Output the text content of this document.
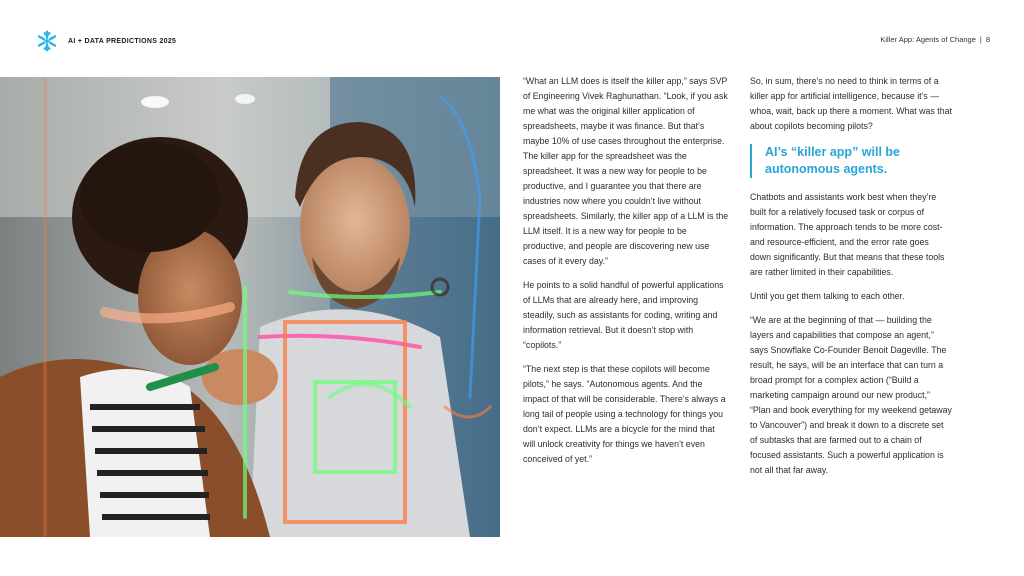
AI + DATA PREDICTIONS 2025	Killer App: Agents of Change | 8

“What an LLM does is itself the killer app,” says SVP of Engineering Vivek Raghunathan. “Look, if you ask me what was the original killer application of spreadsheets, maybe it was finance. But that’s maybe 10% of use cases throughout the enterprise. The killer app for the spreadsheet was the spreadsheet. It was a new way for people to be productive, and I guarantee you that there are industries now where you couldn’t live without spreadsheets. Similarly, the killer app of a LLM is the LLM itself. It is a new way for people to be productive, and people are discovering new use cases of it every day.”

He points to a solid handful of powerful applications of LLMs that are already here, and improving steadily, such as assistants for coding, writing and information retrieval. But it doesn’t stop with “copilots.”

“The next step is that these copilots will become pilots,” he says. “Autonomous agents. And the impact of that will be considerable. There’s always a long tail of people using a technology for things you don’t expect. LLMs are a bicycle for the mind that will unlock creativity for things we haven’t even conceived of yet.”

So, in sum, there’s no need to think in terms of a killer app for artificial intelligence, because it’s — whoa, wait, back up there a moment. What was that about copilots becoming pilots?

AI’s “killer app” will be autonomous agents.

Chatbots and assistants work best when they’re built for a relatively focused task or corpus of information. The approach tends to be more cost- and resource-efficient, and the error rate goes down significantly. But that means that these tools are rather limited in their capabilities.

Until you get them talking to each other.

“We are at the beginning of that — building the layers and capabilities that compose an agent,” says Snowflake Co-Founder Benoit Dageville. The result, he says, will be an interface that can turn a broad prompt for a complex action (“Build a marketing campaign around our new product,” “Plan and book everything for my weekend getaway to Vancouver”) and break it down to a discrete set of subtasks that are farmed out to a chain of focused assistants. Such a powerful application is not all that far away.
